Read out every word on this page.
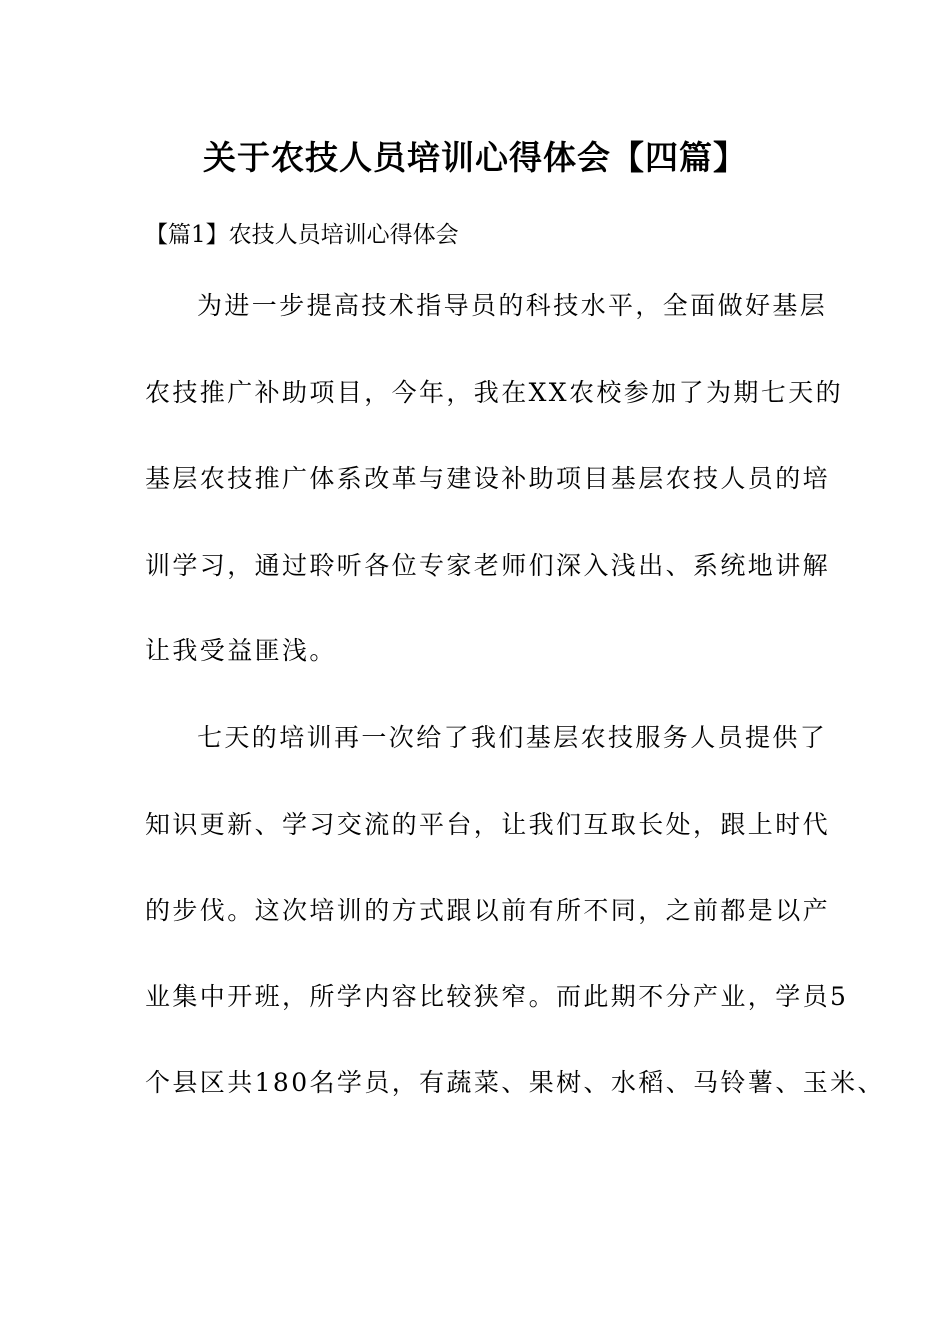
关于农技人员培训心得体会【四篇】
【篇1】农技人员培训心得体会
为进一步提高技术指导员的科技水平，全面做好基层
农技推广补助项目，今年，我在XX农校参加了为期七天的
基层农技推广体系改革与建设补助项目基层农技人员的培
训学习，通过聆听各位专家老师们深入浅出、系统地讲解
让我受益匪浅。
七天的培训再一次给了我们基层农技服务人员提供了
知识更新、学习交流的平台，让我们互取长处，跟上时代
的步伐。这次培训的方式跟以前有所不同，之前都是以产
业集中开班，所学内容比较狭窄。而此期不分产业，学员5
个县区共180名学员，有蔬菜、果树、水稻、马铃薯、玉米、
